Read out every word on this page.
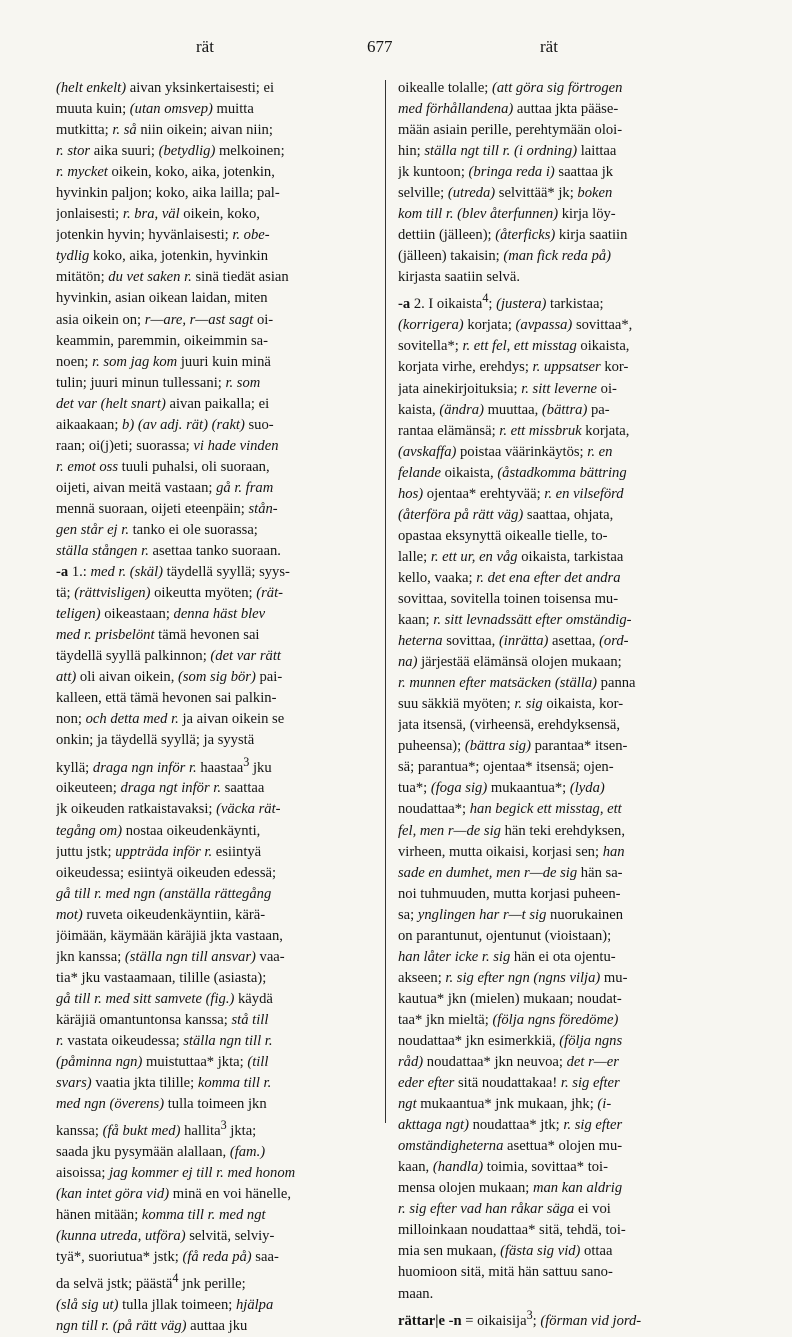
rät	677	rät
(helt enkelt) aivan yksinkertaisesti; ei
muuta kuin; (utan omsvep) muitta
mutkitta; r. så niin oikein; aivan niin;
r. stor aika suuri; (betydlig) melkoinen;
r. mycket oikein, koko, aika, jotenkin,
hyvinkin paljon; koko, aika lailla; pal-
jonlaisesti; r. bra, väl oikein, koko,
jotenkin hyvin; hyvänlaisesti; r. obe-
tydlig koko, aika, jotenkin, hyvinkin
mitätön; du vet saken r. sinä tiedät asian
hyvinkin, asian oikean laidan, miten
asia oikein on; r—are, r—ast sagt oi-
keammin, paremmin, oikeimmin sa-
noen; r. som jag kom juuri kuin minä
tulin; juuri minun tullessani; r. som
det var (helt snart) aivan paikalla; ei
aikaakaan; b) (av adj. rät) (rakt) suo-
raan; oi(j)eti; suorassa; vi hade vinden
r. emot oss tuuli puhalsi, oli suoraan,
oijeti, aivan meitä vastaan; gå r. fram
mennä suoraan, oijeti eteenpäin; stån-
gen står ej r. tanko ei ole suorassa;
ställa stången r. asettaa tanko suoraan.
-a 1.: med r. (skäl) täydellä syyllä; syys-
tä; (rättvisligen) oikeutta myöten; (rät-
teligen) oikeastaan; denna häst blev
med r. prisbelönt tämä hevonen sai
täydellä syyllä palkinnon; (det var rätt
att) oli aivan oikein, (som sig bör) pai-
kalleen, että tämä hevonen sai palkin-
non; och detta med r. ja aivan oikein se
onkin; ja täydellä syyllä; ja syystä
kyllä; draga ngn inför r. haastaa$^3$ jku
oikeuteen; draga ngt inför r. saattaa
jk oikeuden ratkaistavaksi; (väcka rät-
tegång om) nostaa oikeudenkäynti,
juttu jstk; uppträda inför r. esiintyä
oikeudessa; esiintyä oikeuden edessä;
gå till r. med ngn (anställa rättegång
mot) ruveta oikeudenkäyntiin, kärä-
jöimään, käymään käräjiä jkta vastaan,
jkn kanssa; (ställa ngn till ansvar) vaa-
tia* jku vastaamaan, tilille (asiasta);
gå till r. med sitt samvete (fig.) käydä
käräjiä omantuntonsa kanssa; stå till
r. vastata oikeudessa; ställa ngn till r.
(påminna ngn) muistuttaa* jkta; (till
svars) vaatia jkta tilille; komma till r.
med ngn (överens) tulla toimeen jkn
kanssa; (få bukt med) hallita$^3$ jkta;
saada jku pysymään alallaan, (fam.)
aisoissa; jag kommer ej till r. med honom
(kan intet göra vid) minä en voi hänelle,
hänen mitään; komma till r. med ngt
(kunna utreda, utföra) selvitä, selviy-
tyä*, suoriutua* jstk; (få reda på) saa-
da selvä jstk; päästä$^4$ jnk perille;
(slå sig ut) tulla jllak toimeen; hjälpa
ngn till r. (på rätt väg) auttaa jku
oikealle tolalle; (att göra sig förtrogen
med förhållandena) auttaa jkta pääse-
mään asiain perille, perehtymään oloi-
hin; ställa ngt till r. (i ordning) laittaa
jk kuntoon; (bringa reda i) saattaa jk
selville; (utreda) selvittää* jk; boken
kom till r. (blev återfunnen) kirja löy-
dettiin (jälleen); (återficks) kirja saatiin
(jälleen) takaisin; (man fick reda på)
kirjasta saatiin selvä.
-a 2. I oikaista$^4$; (justera) tarkistaa;
(korrigera) korjata; (avpassa) sovittaa*,
sovitella*; r. ett fel, ett misstag oikaista,
korjata virhe, erehdys; r. uppsatser kor-
jata ainekirjoituksia; r. sitt leverne oi-
kaista, (ändra) muuttaa, (bättra) pa-
rantaa elämänsä; r. ett missbruk korjata,
(avskaffa) poistaa väärinkäytös; r. en
felande oikaista, (åstadkomma bättring
hos) ojentaa* erehtyvää; r. en vilseförd
(återföra på rätt väg) saattaa, ohjata,
opastaa eksynyttä oikealle tielle, to-
lalle; r. ett ur, en våg oikaista, tarkistaa
kello, vaaka; r. det ena efter det andra
sovittaa, sovitella toinen toisensa mu-
kaan; r. sitt levnadssätt efter omständig-
heterna sovittaa, (inrätta) asettaa, (ord-
na) järjestää elämänsä olojen mukaan;
r. munnen efter matsäcken (ställa) panna
suu säkkiä myöten; r. sig oikaista, kor-
jata itsensä, (virheensä, erehdyksensä,
puheensa); (bättra sig) parantaa* itsen-
sä; parantua*; ojentaa* itsensä; ojen-
tua*; (foga sig) mukaantua*; (lyda)
noudattaa*; han begick ett misstag, ett
fel, men r—de sig hän teki erehdyksen,
virheen, mutta oikaisi, korjasi sen; han
sade en dumhet, men r—de sig hän sa-
noi tuhmuuden, mutta korjasi puheen-
sa; ynglingen har r—t sig nuorukainen
on parantunut, ojentunut (vioistaan);
han låter icke r. sig hän ei ota ojentu-
akseen; r. sig efter ngn (ngns vilja) mu-
kautua* jkn (mielen) mukaan; noudat-
taa* jkn mieltä; (följa ngns föredöme)
noudattaa* jkn esimerkkiä, (följa ngns
råd) noudattaa* jkn neuvoa; det r—er
eder efter sitä noudattakaa! r. sig efter
ngt mukaantua* jnk mukaan, jhk; (i-
akttaga ngt) noudattaa* jtk; r. sig efter
omständigheterna asettua* olojen mu-
kaan, (handla) toimia, sovittaa* toi-
mensa olojen mukaan; man kan aldrig
r. sig efter vad han råkar säga ei voi
milloinkaan noudattaa* sitä, tehdä, toi-
mia sen mukaan, (fästa sig vid) ottaa
huomioon sitä, mitä hän sattuu sano-
maan.
rättar|e -n = oikaisija$^3$; (förman vid jord-
